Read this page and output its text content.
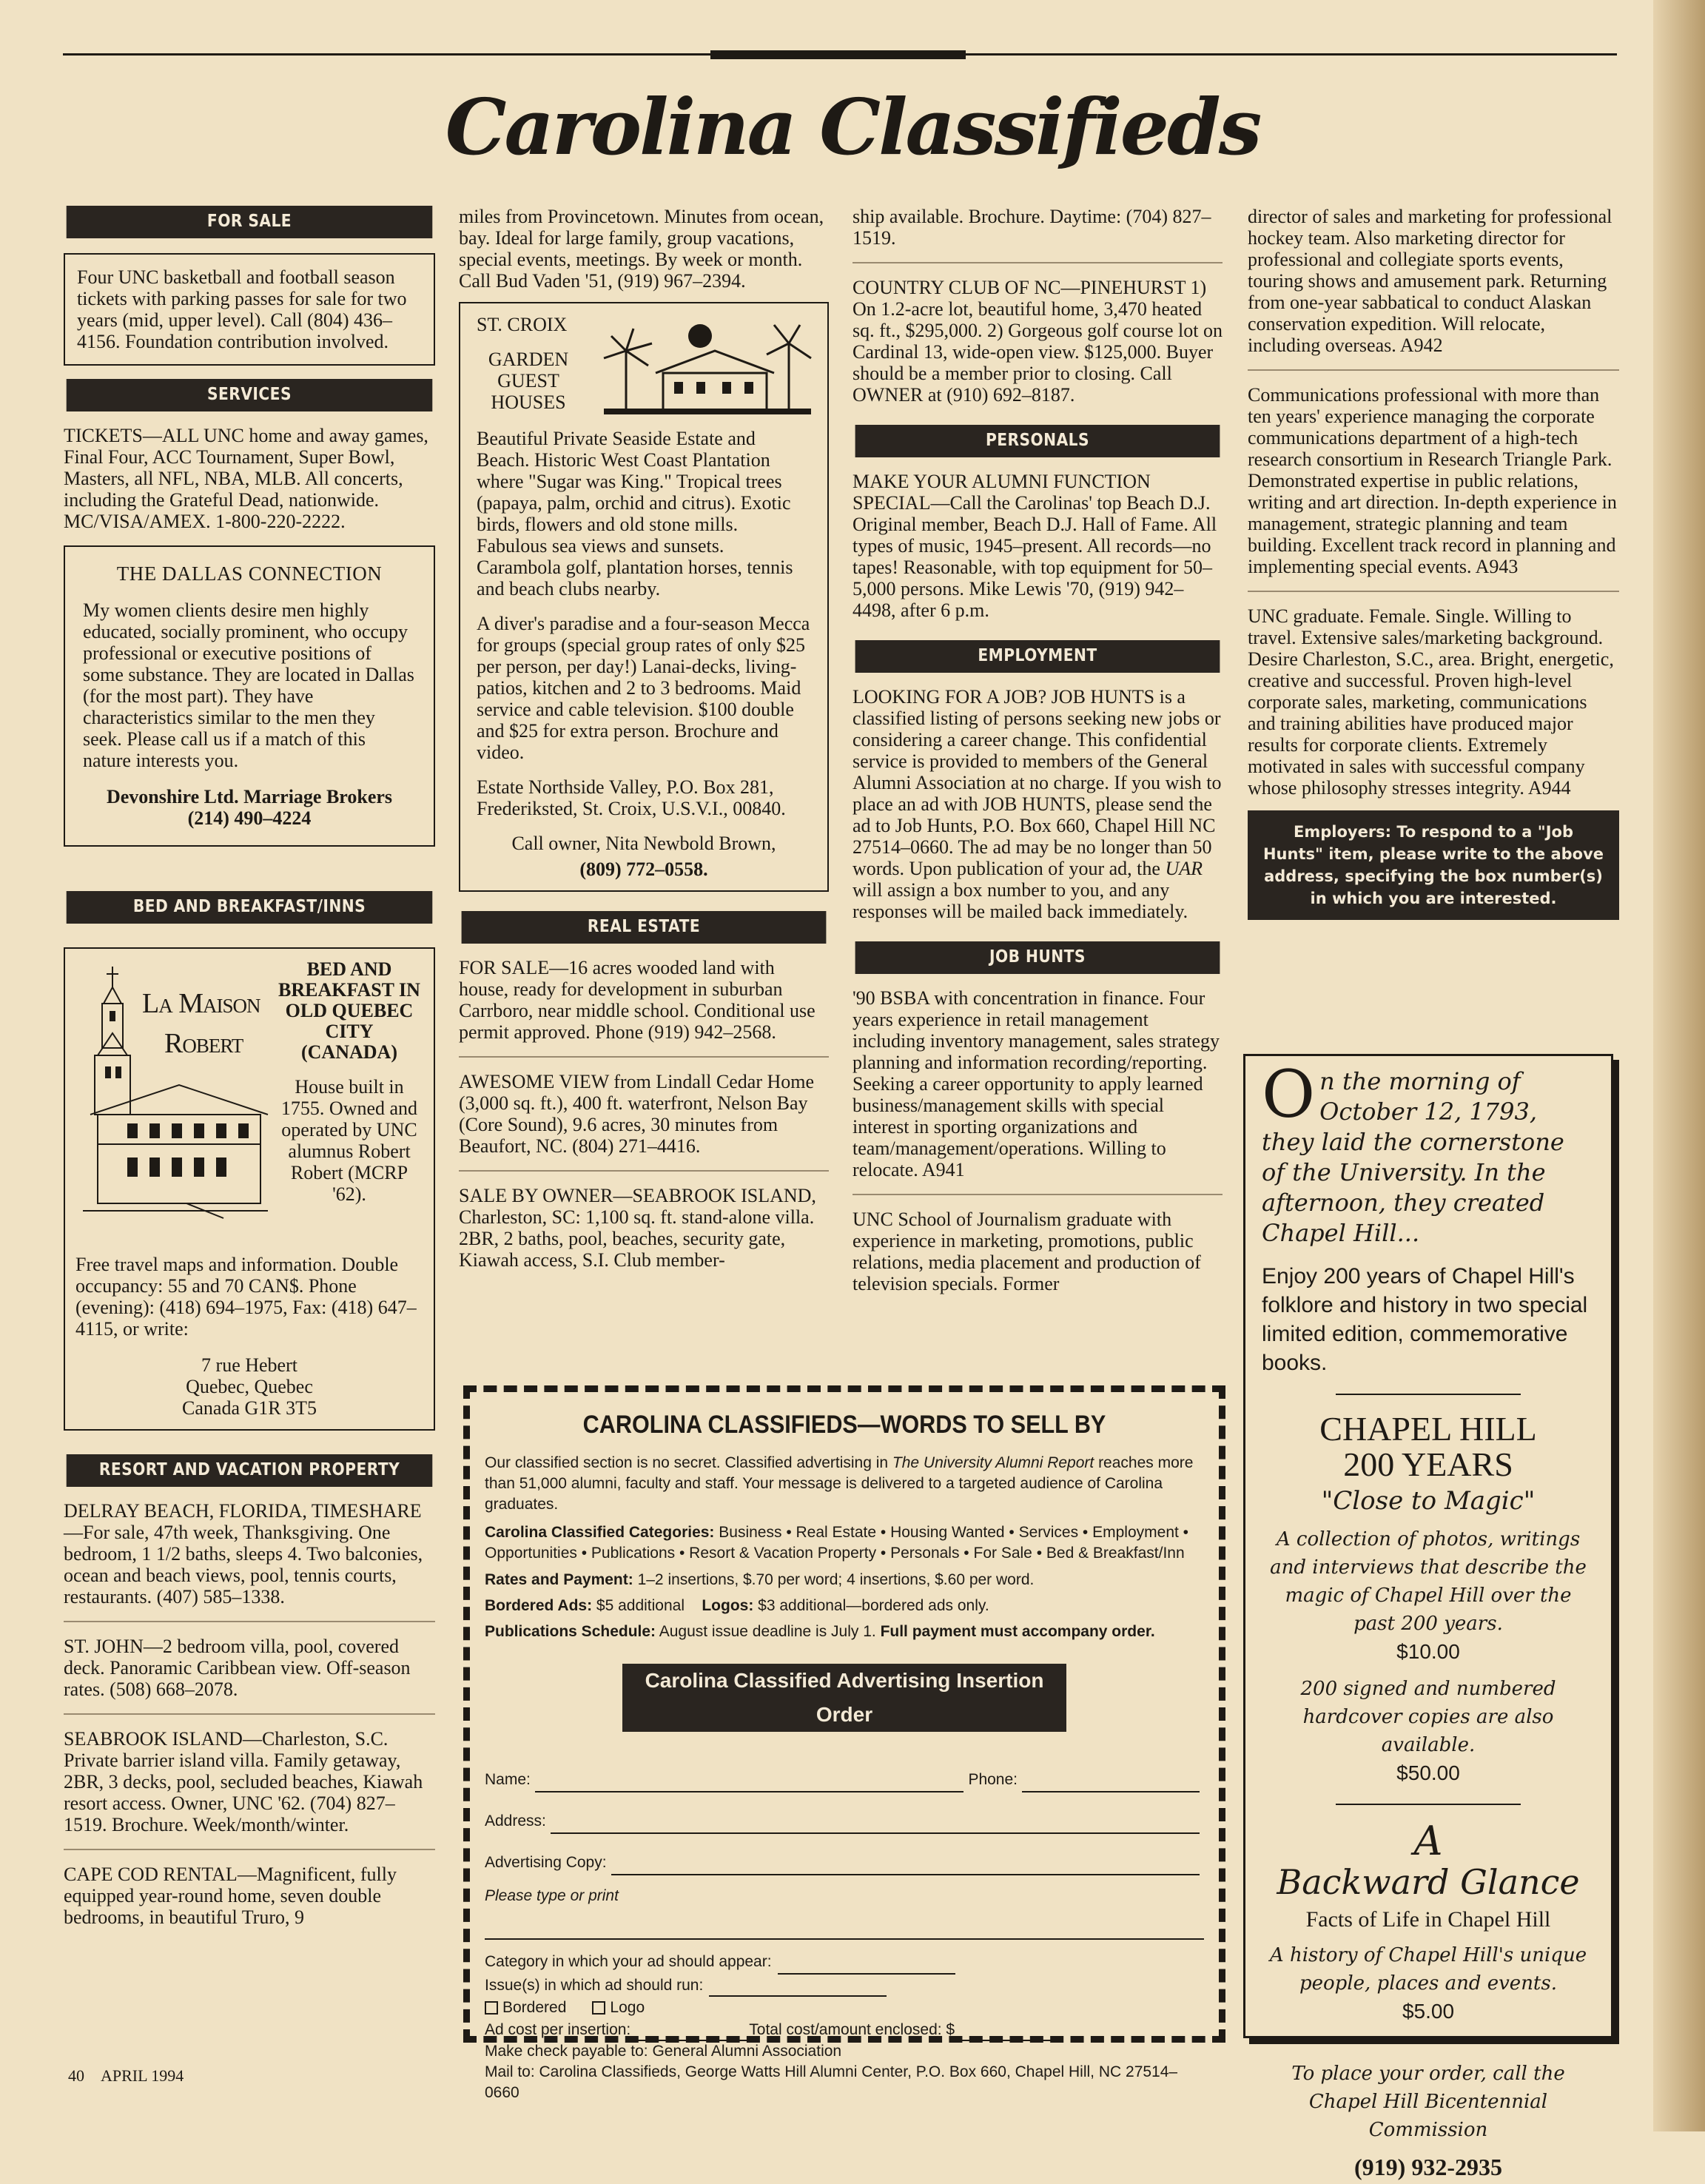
Carolina Classifieds
FOR SALE
Four UNC basketball and football season tickets with parking passes for sale for two years (mid, upper level). Call (804) 436–4156. Foundation contribution involved.
SERVICES
TICKETS—ALL UNC home and away games, Final Four, ACC Tournament, Super Bowl, Masters, all NFL, NBA, MLB. All concerts, including the Grateful Dead, nationwide. MC/VISA/AMEX. 1-800-220-2222.
THE DALLAS CONNECTION
My women clients desire men highly educated, socially prominent, who occupy professional or executive positions of some substance. They are located in Dallas (for the most part). They have characteristics similar to the men they seek. Please call us if a match of this nature interests you.
Devonshire Ltd. Marriage Brokers
(214) 490–4224
BED AND BREAKFAST/INNS
La Maison
Robert
BED AND BREAKFAST IN OLD QUEBEC CITY (CANADA)
House built in 1755. Owned and operated by UNC alumnus Robert Robert (MCRP '62).
Free travel maps and information. Double occupancy: 55 and 70 CAN$. Phone (evening): (418) 694–1975, Fax: (418) 647–4115, or write:
7 rue Hebert
Quebec, Quebec
Canada G1R 3T5
RESORT AND VACATION PROPERTY
DELRAY BEACH, FLORIDA, TIMESHARE—For sale, 47th week, Thanksgiving. One bedroom, 1 1/2 baths, sleeps 4. Two balconies, ocean and beach views, pool, tennis courts, restaurants. (407) 585–1338.
ST. JOHN—2 bedroom villa, pool, covered deck. Panoramic Caribbean view. Off-season rates. (508) 668–2078.
SEABROOK ISLAND—Charleston, S.C. Private barrier island villa. Family getaway, 2BR, 3 decks, pool, secluded beaches, Kiawah resort access. Owner, UNC '62. (704) 827–1519. Brochure. Week/month/winter.
CAPE COD RENTAL—Magnificent, fully equipped year-round home, seven double bedrooms, in beautiful Truro, 9
miles from Provincetown. Minutes from ocean, bay. Ideal for large family, group vacations, special events, meetings. By week or month. Call Bud Vaden '51, (919) 967–2394.
ST. CROIX
GARDEN GUEST HOUSES
Beautiful Private Seaside Estate and Beach. Historic West Coast Plantation where "Sugar was King." Tropical trees (papaya, palm, orchid and citrus). Exotic birds, flowers and old stone mills. Fabulous sea views and sunsets. Carambola golf, plantation horses, tennis and beach clubs nearby.
A diver's paradise and a four-season Mecca for groups (special group rates of only $25 per person, per day!) Lanai-decks, living-patios, kitchen and 2 to 3 bedrooms. Maid service and cable television. $100 double and $25 for extra person. Brochure and video.
Estate Northside Valley, P.O. Box 281, Frederiksted, St. Croix, U.S.V.I., 00840.
Call owner, Nita Newbold Brown,
(809) 772–0558.
REAL ESTATE
FOR SALE—16 acres wooded land with house, ready for development in suburban Carrboro, near middle school. Conditional use permit approved. Phone (919) 942–2568.
AWESOME VIEW from Lindall Cedar Home (3,000 sq. ft.), 400 ft. waterfront, Nelson Bay (Core Sound), 9.6 acres, 30 minutes from Beaufort, NC. (804) 271–4416.
SALE BY OWNER—SEABROOK ISLAND, Charleston, SC: 1,100 sq. ft. stand-alone villa. 2BR, 2 baths, pool, beaches, security gate, Kiawah access, S.I. Club member-
ship available. Brochure. Daytime: (704) 827–1519.
COUNTRY CLUB OF NC—PINEHURST 1) On 1.2-acre lot, beautiful home, 3,470 heated sq. ft., $295,000. 2) Gorgeous golf course lot on Cardinal 13, wide-open view. $125,000. Buyer should be a member prior to closing. Call OWNER at (910) 692–8187.
PERSONALS
MAKE YOUR ALUMNI FUNCTION SPECIAL—Call the Carolinas' top Beach D.J. Original member, Beach D.J. Hall of Fame. All types of music, 1945–present. All records—no tapes! Reasonable, with top equipment for 50–5,000 persons. Mike Lewis '70, (919) 942–4498, after 6 p.m.
EMPLOYMENT
LOOKING FOR A JOB? JOB HUNTS is a classified listing of persons seeking new jobs or considering a career change. This confidential service is provided to members of the General Alumni Association at no charge. If you wish to place an ad with JOB HUNTS, please send the ad to Job Hunts, P.O. Box 660, Chapel Hill NC 27514–0660. The ad may be no longer than 50 words. Upon publication of your ad, the UAR will assign a box number to you, and any responses will be mailed back immediately.
JOB HUNTS
'90 BSBA with concentration in finance. Four years experience in retail management including inventory management, sales strategy planning and information recording/reporting. Seeking a career opportunity to apply learned business/management skills with special interest in sporting organizations and team/management/operations. Willing to relocate. A941
UNC School of Journalism graduate with experience in marketing, promotions, public relations, media placement and production of television specials. Former
director of sales and marketing for professional hockey team. Also marketing director for professional and collegiate sports events, touring shows and amusement park. Returning from one-year sabbatical to conduct Alaskan conservation expedition. Will relocate, including overseas. A942
Communications professional with more than ten years' experience managing the corporate communications department of a high-tech research consortium in Research Triangle Park. Demonstrated expertise in public relations, writing and art direction. In-depth experience in management, strategic planning and team building. Excellent track record in planning and implementing special events. A943
UNC graduate. Female. Single. Willing to travel. Extensive sales/marketing background. Desire Charleston, S.C., area. Bright, energetic, creative and successful. Proven high-level corporate sales, marketing, communications and training abilities have produced major results for corporate clients. Extremely motivated in sales with successful company whose philosophy stresses integrity. A944
Employers: To respond to a "Job Hunts" item, please write to the above address, specifying the box number(s) in which you are interested.
CAROLINA CLASSIFIEDS—WORDS TO SELL BY
Our classified section is no secret. Classified advertising in The University Alumni Report reaches more than 51,000 alumni, faculty and staff. Your message is delivered to a targeted audience of Carolina graduates.
Carolina Classified Categories: Business • Real Estate • Housing Wanted • Services • Employment • Opportunities • Publications • Resort & Vacation Property • Personals • For Sale • Bed & Breakfast/Inn
Rates and Payment: 1–2 insertions, $.70 per word; 4 insertions, $.60 per word.
Bordered Ads: $5 additional Logos: $3 additional—bordered ads only.
Publications Schedule: August issue deadline is July 1. Full payment must accompany order.
Carolina Classified Advertising Insertion Order
Name:	Phone:
Address:
Advertising Copy:
Please type or print
Category in which your ad should appear:
Issue(s) in which ad should run:
Bordered	Logo
Ad cost per insertion:	Total cost/amount enclosed: $
Make check payable to: General Alumni Association
Mail to: Carolina Classifieds, George Watts Hill Alumni Center, P.O. Box 660, Chapel Hill, NC 27514–0660
On the morning of October 12, 1793, they laid the cornerstone of the University. In the afternoon, they created Chapel Hill...
Enjoy 200 years of Chapel Hill's folklore and history in two special limited edition, commemorative books.
CHAPEL HILL
200 YEARS
"Close to Magic"
A collection of photos, writings and interviews that describe the magic of Chapel Hill over the past 200 years.
$10.00
200 signed and numbered hardcover copies are also available.
$50.00
A
Backward Glance
Facts of Life in Chapel Hill
A history of Chapel Hill's unique people, places and events.
$5.00
To place your order, call the Chapel Hill Bicentennial Commission
(919) 932-2935
40 APRIL 1994
